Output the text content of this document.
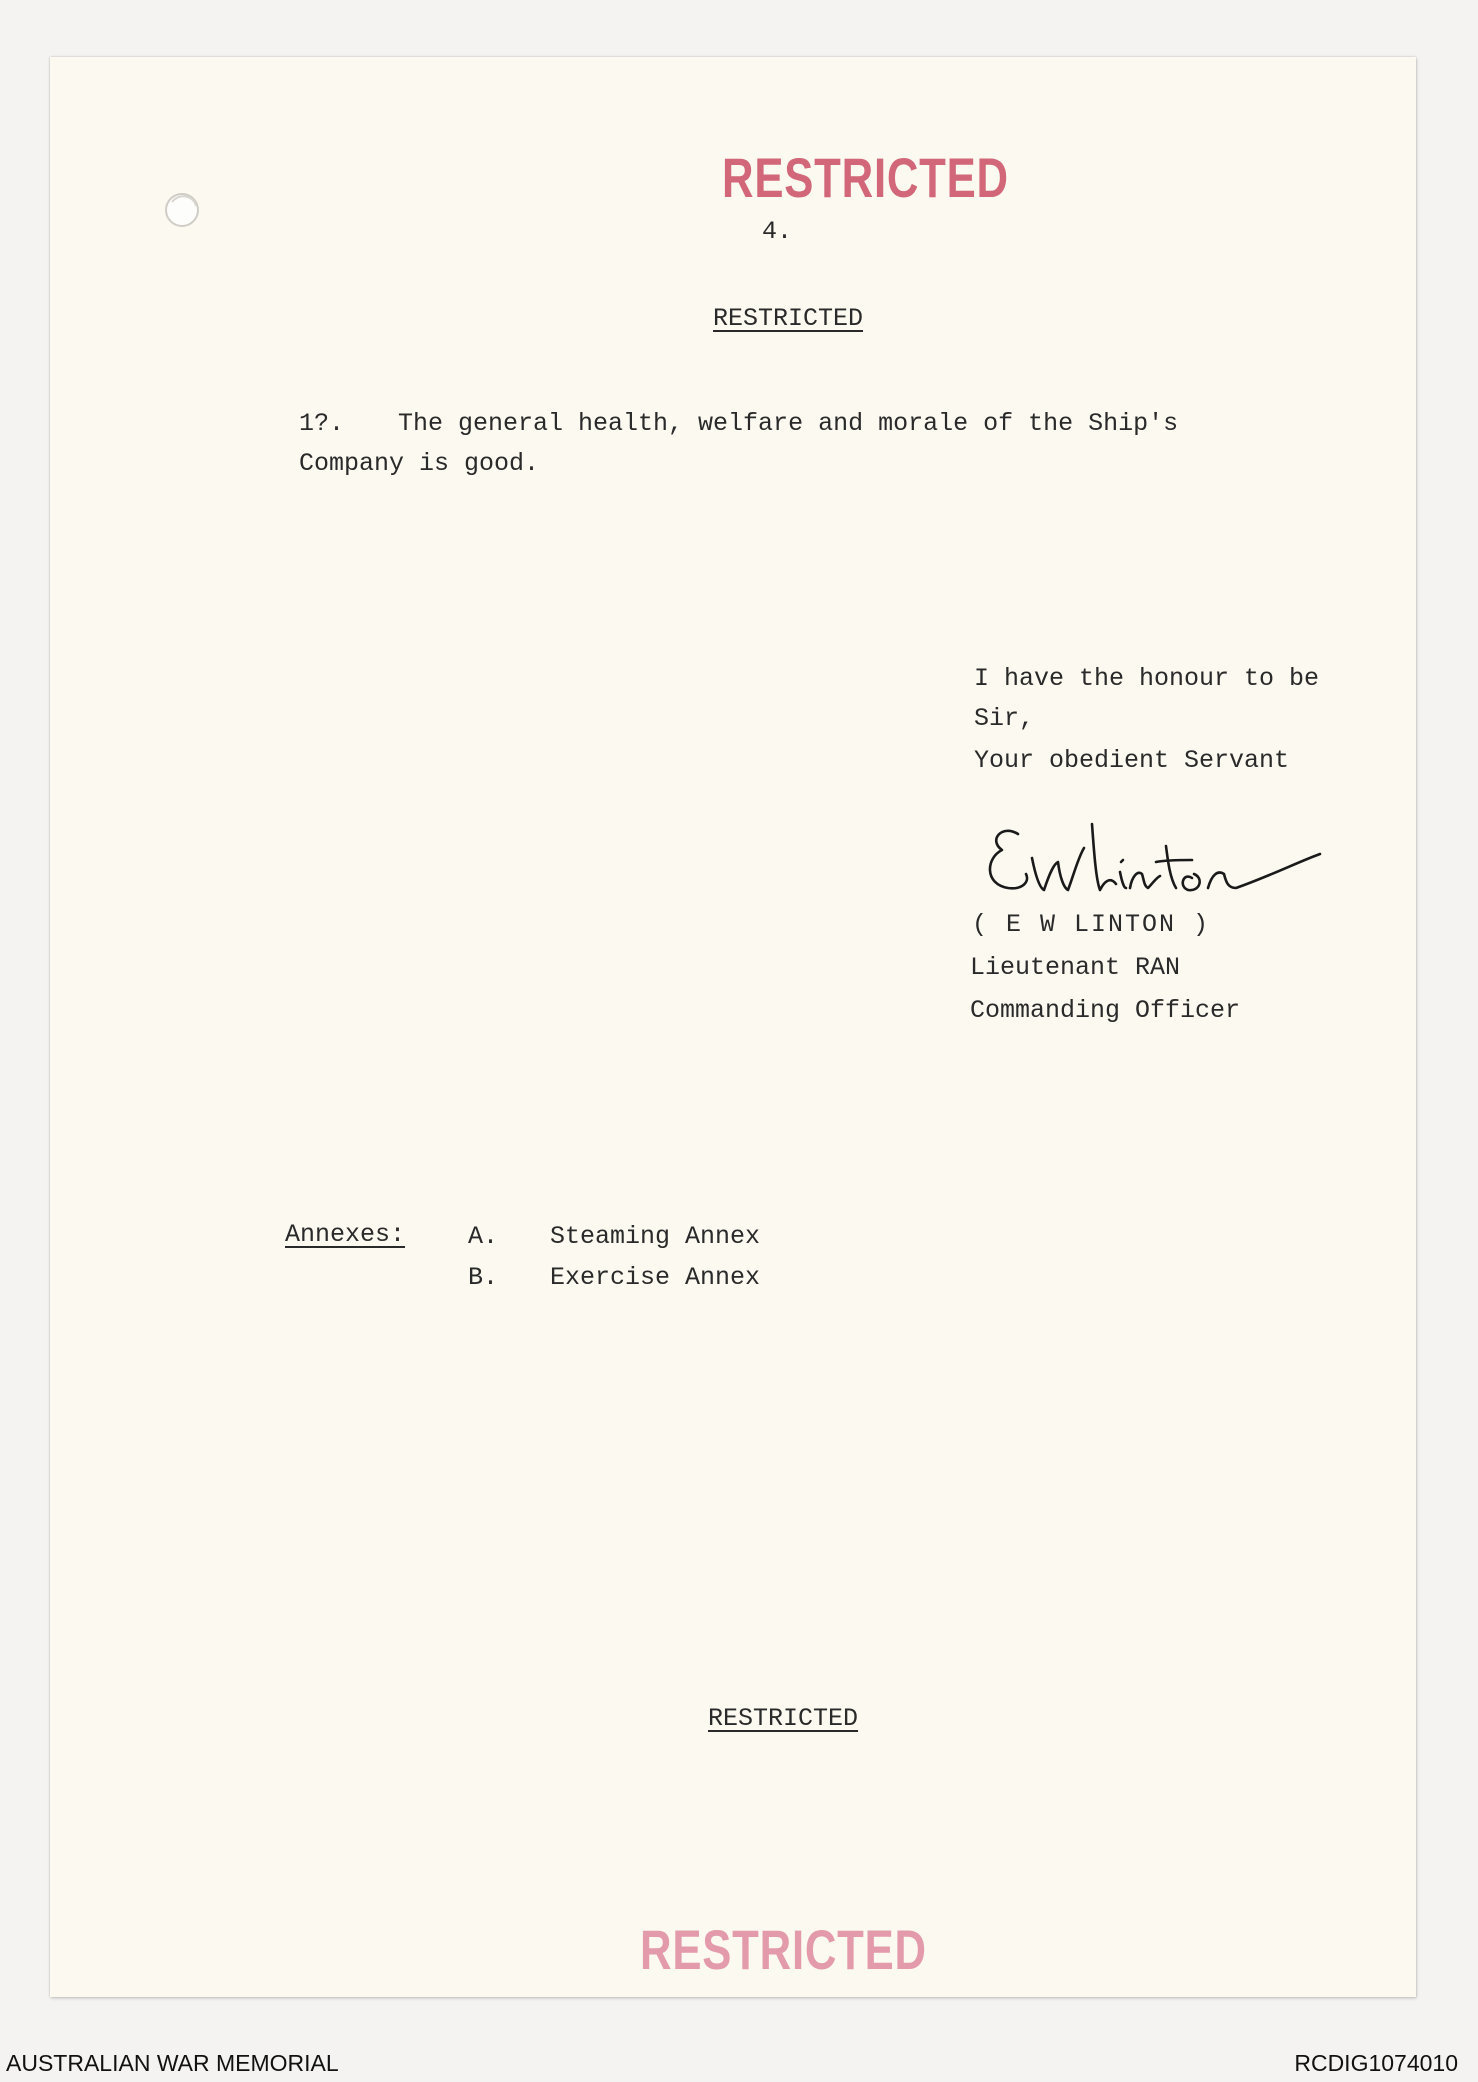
RESTRICTED
4.
RESTRICTED
1?. The general health, welfare and morale of the Ship's
Company is good.
I have the honour to be
Sir,
Your obedient Servant
( E W LINTON )
Lieutenant RAN
Commanding Officer
Annexes:	A. Steaming Annex
B. Exercise Annex
RESTRICTED
RESTRICTED
AUSTRALIAN WAR MEMORIAL	RCDIG1074010
